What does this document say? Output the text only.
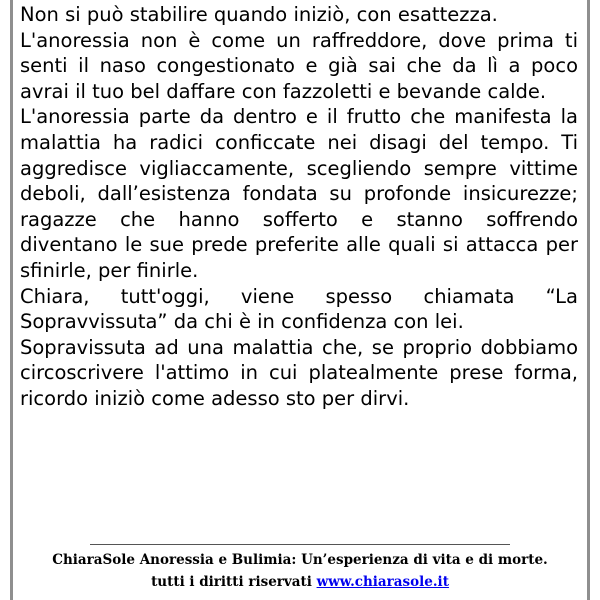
Non si può stabilire quando iniziò, con esattezza.

L'anoressia non è come un raffreddore, dove prima ti senti il naso congestionato e già sai che da lì a poco avrai il tuo bel daffare con fazzoletti e bevande calde.

L'anoressia parte da dentro e il frutto che manifesta la malattia ha radici conficcate nei disagi del tempo. Ti aggredisce vigliaccamente, scegliendo sempre vittime deboli, dall’esistenza fondata su profonde insicurezze; ragazze che hanno sofferto e stanno soffrendo diventano le sue prede preferite alle quali si attacca per sfinirle, per finirle.

Chiara, tutt'oggi, viene spesso chiamata “La Sopravvissuta” da chi è in confidenza con lei.

Sopravissuta ad una malattia che, se proprio dobbiamo circoscrivere l'attimo in cui platealmente prese forma, ricordo iniziò come adesso sto per dirvi.

ChiaraSole Anoressia e Bulimia: Un’esperienza di vita e di morte.
tutti i diritti riservati www.chiarasole.it
